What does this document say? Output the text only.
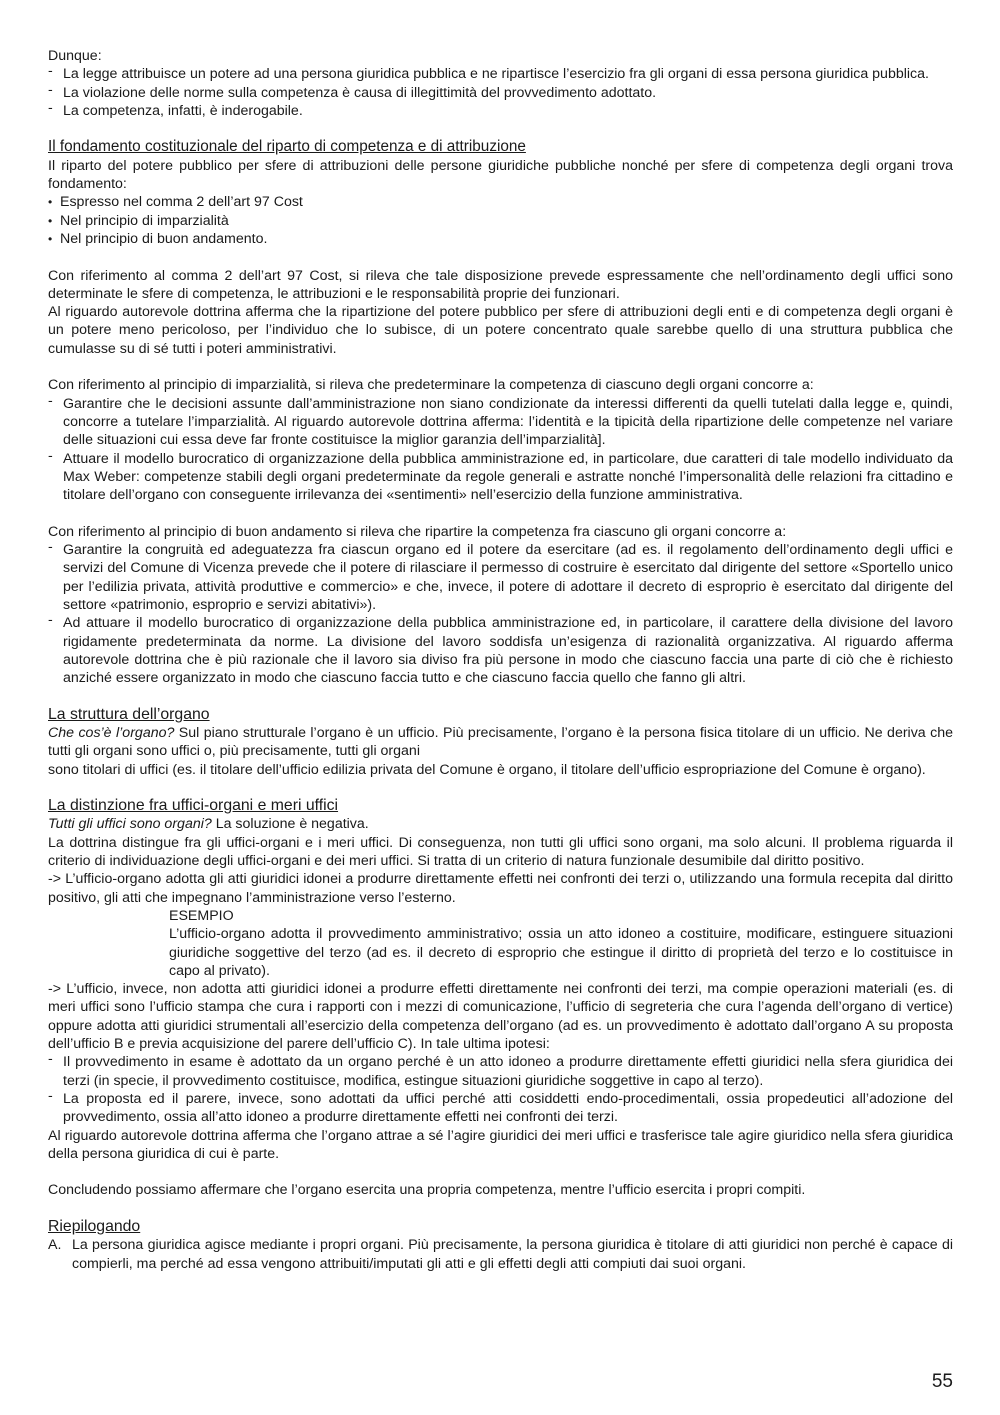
Dunque:

- La legge attribuisce un potere ad una persona giuridica pubblica e ne ripartisce l’esercizio fra gli organi di essa persona giuridica pubblica.
- La violazione delle norme sulla competenza è causa di illegittimità del provvedimento adottato.
- La competenza, infatti, è inderogabile.

Il fondamento costituzionale del riparto di competenza e di attribuzione

Il riparto del potere pubblico per sfere di attribuzioni delle persone giuridiche pubbliche nonché per sfere di competenza degli organi trova fondamento:

• Espresso nel comma 2 dell’art 97 Cost
• Nel principio di imparzialità
• Nel principio di buon andamento.

Con riferimento al comma 2 dell’art 97 Cost, si rileva che tale disposizione prevede espressamente che nell’ordinamento degli uffici sono determinate le sfere di competenza, le attribuzioni e le responsabilità proprie dei funzionari.

Al riguardo autorevole dottrina afferma che la ripartizione del potere pubblico per sfere di attribuzioni degli enti e di competenza degli organi è un potere meno pericoloso, per l’individuo che lo subisce, di un potere concentrato quale sarebbe quello di una struttura pubblica che cumulasse su di sé tutti i poteri amministrativi.

Con riferimento al principio di imparzialità, si rileva che predeterminare la competenza di ciascuno degli organi concorre a:

- Garantire che le decisioni assunte dall’amministrazione non siano condizionate da interessi differenti da quelli tutelati dalla legge e, quindi, concorre a tutelare l’imparzialità. Al riguardo autorevole dottrina afferma: l’identità e la tipicità della ripartizione delle competenze nel variare delle situazioni cui essa deve far fronte costituisce la miglior garanzia dell’imparzialità].
- Attuare il modello burocratico di organizzazione della pubblica amministrazione ed, in particolare, due caratteri di tale modello individuato da Max Weber: competenze stabili degli organi predeterminate da regole generali e astratte nonché l’impersonalità delle relazioni fra cittadino e titolare dell’organo con conseguente irrilevanza dei «sentimenti» nell’esercizio della funzione amministrativa.

Con riferimento al principio di buon andamento si rileva che ripartire la competenza fra ciascuno gli organi concorre a:

- Garantire la congruità ed adeguatezza fra ciascun organo ed il potere da esercitare (ad es. il regolamento dell’ordinamento degli uffici e servizi del Comune di Vicenza prevede che il potere di rilasciare il permesso di costruire è esercitato dal dirigente del settore «Sportello unico per l’edilizia privata, attività produttive e commercio» e che, invece, il potere di adottare il decreto di esproprio è esercitato dal dirigente del settore «patrimonio, esproprio e servizi abitativi»).
- Ad attuare il modello burocratico di organizzazione della pubblica amministrazione ed, in particolare, il carattere della divisione del lavoro rigidamente predeterminata da norme. La divisione del lavoro soddisfa un’esigenza di razionalità organizzativa. Al riguardo afferma autorevole dottrina che è più razionale che il lavoro sia diviso fra più persone in modo che ciascuno faccia una parte di ciò che è richiesto anziché essere organizzato in modo che ciascuno faccia tutto e che ciascuno faccia quello che fanno gli altri.

La struttura dell’organo

Che cos’è l’organo? Sul piano strutturale l’organo è un ufficio. Più precisamente, l’organo è la persona fisica titolare di un ufficio. Ne deriva che tutti gli organi sono uffici o, più precisamente, tutti gli organi

sono titolari di uffici (es. il titolare dell’ufficio edilizia privata del Comune è organo, il titolare dell’ufficio espropriazione del Comune è organo).

La distinzione fra uffici-organi e meri uffici

Tutti gli uffici sono organi? La soluzione è negativa.

La dottrina distingue fra gli uffici-organi e i meri uffici. Di conseguenza, non tutti gli uffici sono organi, ma solo alcuni. Il problema riguarda il criterio di individuazione degli uffici-organi e dei meri uffici. Si tratta di un criterio di natura funzionale desumibile dal diritto positivo.

-> L’ufficio-organo adotta gli atti giuridici idonei a produrre direttamente effetti nei confronti dei terzi o, utilizzando una formula recepita dal diritto positivo, gli atti che impegnano l’amministrazione verso l’esterno.

ESEMPIO

L’ufficio-organo adotta il provvedimento amministrativo; ossia un atto idoneo a costituire, modificare, estinguere situazioni giuridiche soggettive del terzo (ad es. il decreto di esproprio che estingue il diritto di proprietà del terzo e lo costituisce in capo al privato).

-> L’ufficio, invece, non adotta atti giuridici idonei a produrre effetti direttamente nei confronti dei terzi, ma compie operazioni materiali (es. di meri uffici sono l’ufficio stampa che cura i rapporti con i mezzi di comunicazione, l’ufficio di segreteria che cura l’agenda dell’organo di vertice) oppure adotta atti giuridici strumentali all’esercizio della competenza dell’organo (ad es. un provvedimento è adottato dall’organo A su proposta dell’ufficio B e previa acquisizione del parere dell’ufficio C). In tale ultima ipotesi:

- Il provvedimento in esame è adottato da un organo perché è un atto idoneo a produrre direttamente effetti giuridici nella sfera giuridica dei terzi (in specie, il provvedimento costituisce, modifica, estingue situazioni giuridiche soggettive in capo al terzo).
- La proposta ed il parere, invece, sono adottati da uffici perché atti cosiddetti endo-procedimentali, ossia propedeutici all’adozione del provvedimento, ossia all’atto idoneo a produrre direttamente effetti nei confronti dei terzi.

Al riguardo autorevole dottrina afferma che l’organo attrae a sé l’agire giuridici dei meri uffici e trasferisce tale agire giuridico nella sfera giuridica della persona giuridica di cui è parte.

Concludendo possiamo affermare che l’organo esercita una propria competenza, mentre l’ufficio esercita i propri compiti.

Riepilogando

A. La persona giuridica agisce mediante i propri organi. Più precisamente, la persona giuridica è titolare di atti giuridici non perché è capace di compierli, ma perché ad essa vengono attribuiti/imputati gli atti e gli effetti degli atti compiuti dai suoi organi.
55
